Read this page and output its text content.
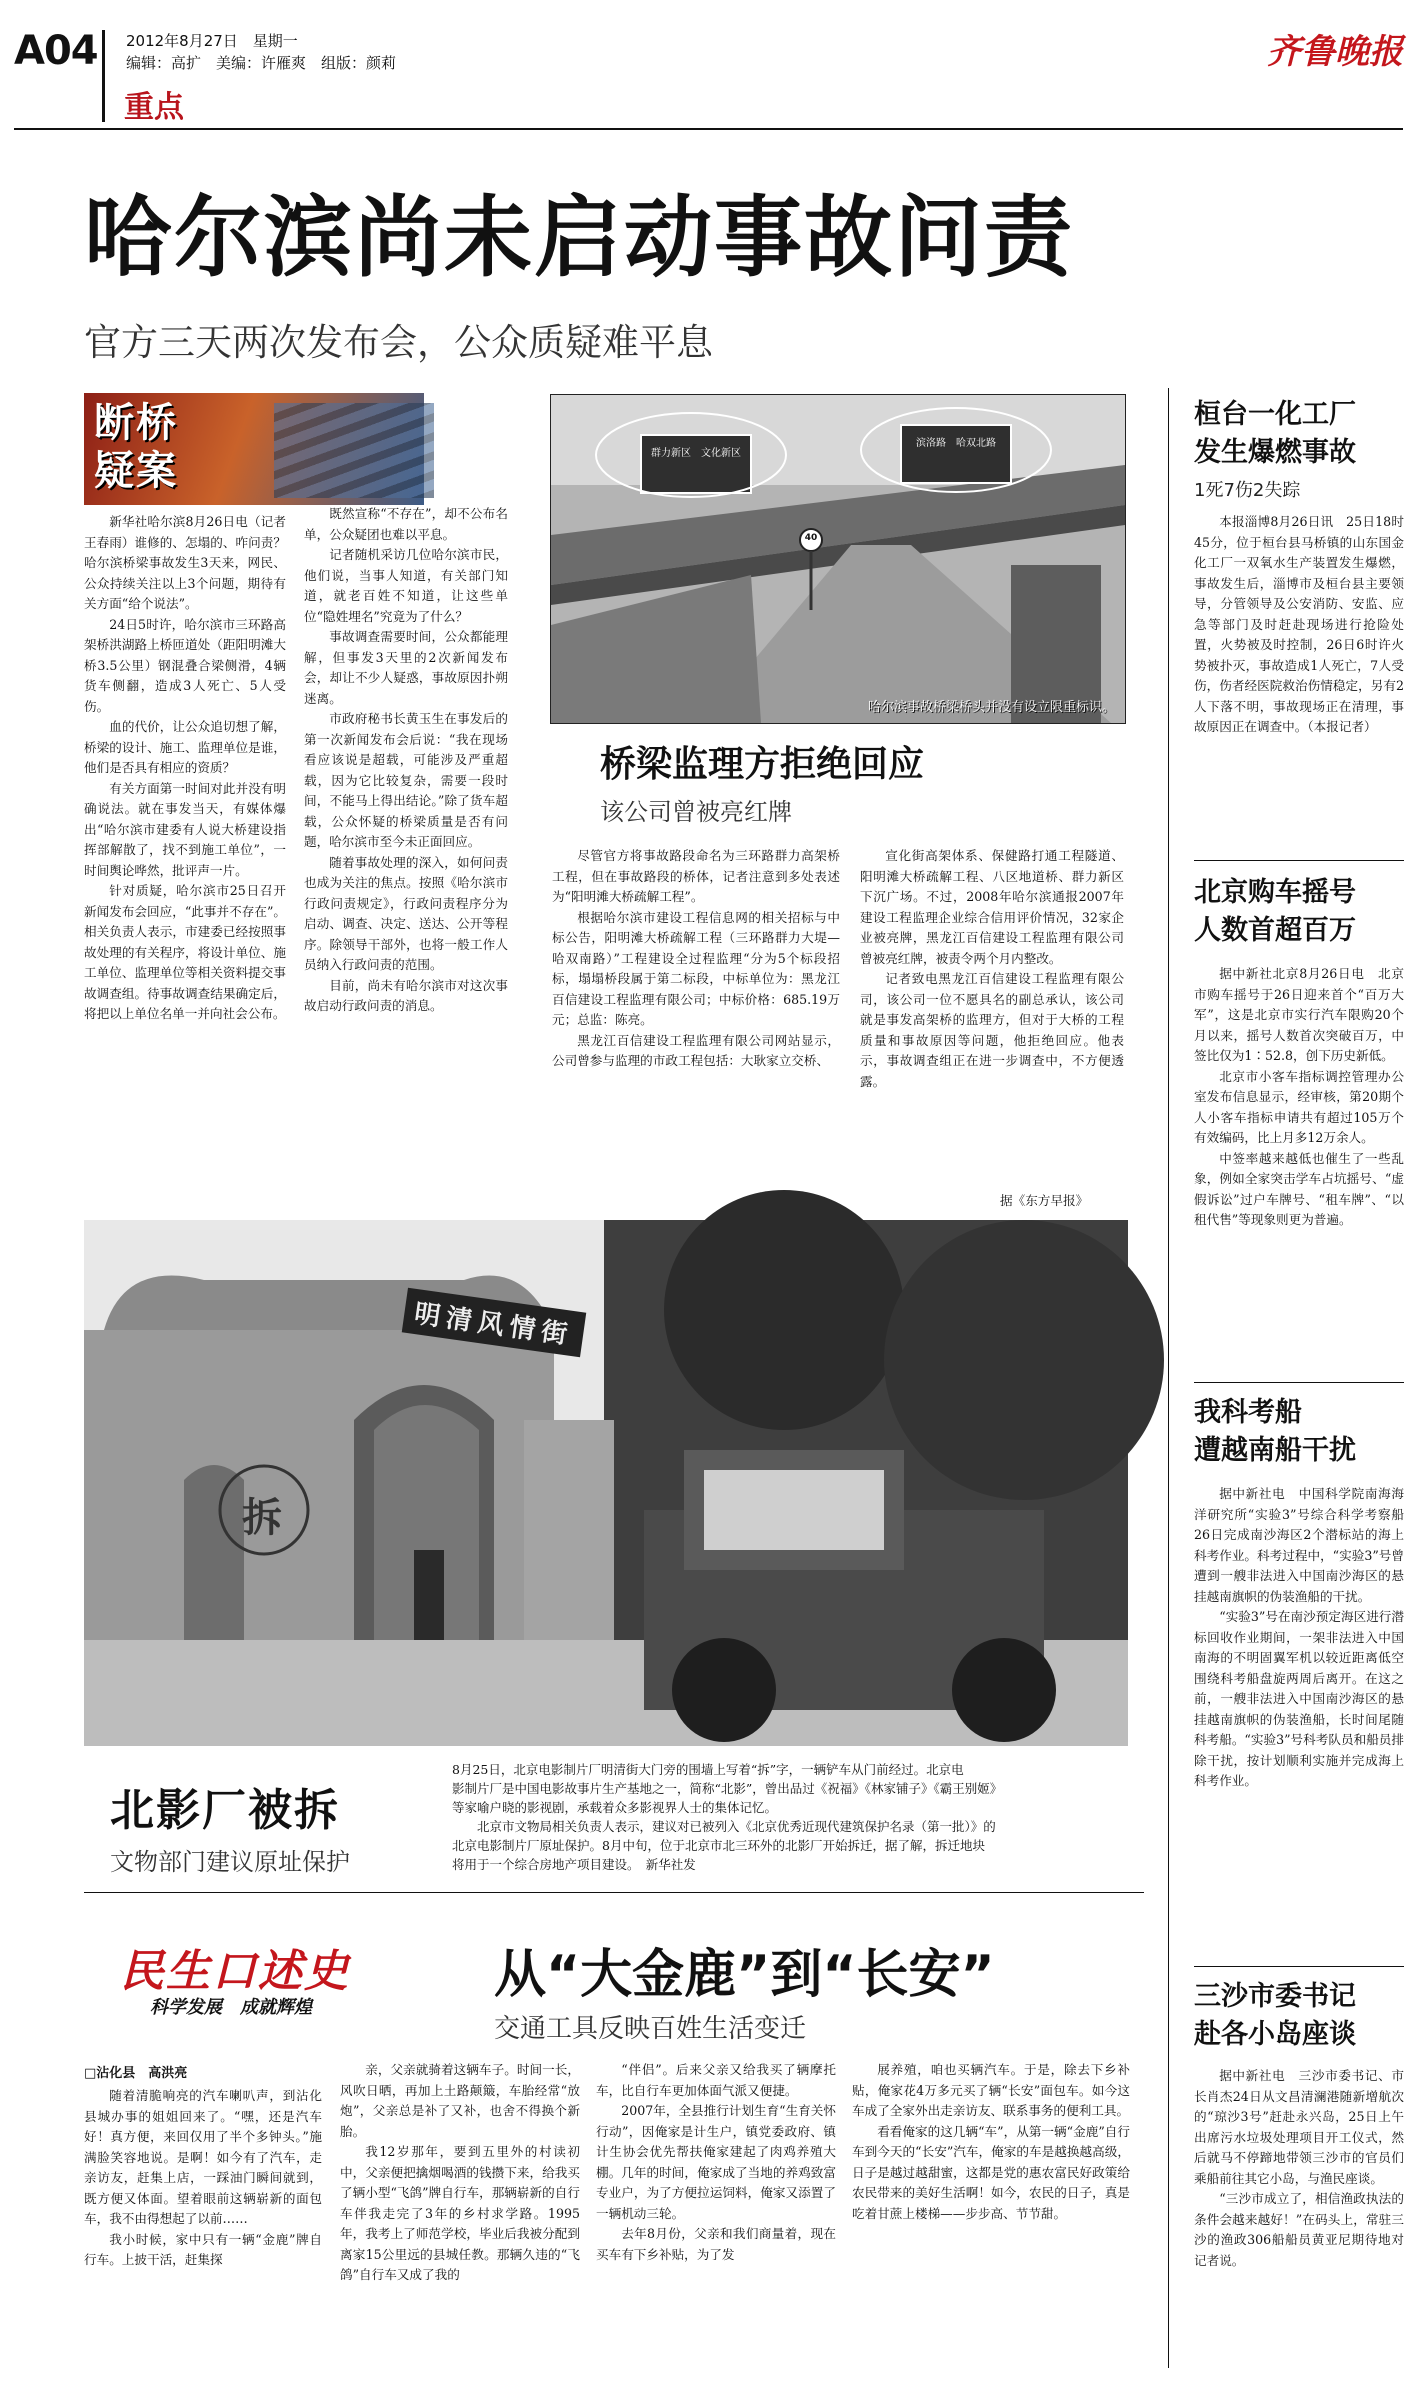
A04 2012年8月27日　星期一
编辑：高扩　美编：许雁爽　组版：颜莉
重点
齐鲁晚报
哈尔滨尚未启动事故问责
官方三天两次发布会，公众质疑难平息
断桥疑案

新华社哈尔滨8月26日电（记者　王春雨）谁修的、怎塌的、咋问责？哈尔滨桥梁事故发生3天来，网民、公众持续关注以上3个问题，期待有关方面“给个说法”。

24日5时许，哈尔滨市三环路高架桥洪湖路上桥匝道处（距阳明滩大桥3.5公里）钢混叠合梁侧滑，4辆货车侧翻，造成3人死亡、5人受伤。

血的代价，让公众追切想了解，桥梁的设计、施工、监理单位是谁，他们是否具有相应的资质？

有关方面第一时间对此并没有明确说法。就在事发当天，有媒体爆出“哈尔滨市建委有人说大桥建设指挥部解散了，找不到施工单位”，一时间舆论哗然，批评声一片。

针对质疑，哈尔滨市25日召开新闻发布会回应，“此事并不存在”。相关负责人表示，市建委已经按照事故处理的有关程序，将设计单位、施工单位、监理单位等相关资料提交事故调查组。待事故调查结果确定后，将把以上单位名单一并向社会公布。

既然宣称“不存在”，却不公布名单，公众疑团也难以平息。

记者随机采访几位哈尔滨市民，他们说，当事人知道，有关部门知道，就老百姓不知道，让这些单位“隐姓埋名”究竟为了什么？

事故调查需要时间，公众都能理解，但事发3天里的2次新闻发布会，却让不少人疑惑，事故原因扑朔迷离。

市政府秘书长黄玉生在事发后的第一次新闻发布会后说：“我在现场看应该说是超载，可能涉及严重超载，因为它比较复杂，需要一段时间，不能马上得出结论。”除了货车超载，公众怀疑的桥梁质量是否有问题，哈尔滨市至今未正面回应。

随着事故处理的深入，如何问责也成为关注的焦点。按照《哈尔滨市行政问责规定》，行政问责程序分为启动、调查、决定、送达、公开等程序。除领导干部外，也将一般工作人员纳入行政问责的范围。

目前，尚未有哈尔滨市对这次事故启动行政问责的消息。

群力新区　文化新区
滨洛路　哈双北路
40
哈尔滨事故桥梁桥头并没有设立限重标识。
桥梁监理方拒绝回应
该公司曾被亮红牌

尽管官方将事故路段命名为三环路群力高架桥工程，但在事故路段的桥体，记者注意到多处表述为“阳明滩大桥疏解工程”。

根据哈尔滨市建设工程信息网的相关招标与中标公告，阳明滩大桥疏解工程（三环路群力大堤—哈双南路）”工程建设全过程监理“分为5个标段招标，塌塌桥段属于第二标段，中标单位为：黑龙江百信建设工程监理有限公司；中标价格：685.19万元；总监：陈亮。

黑龙江百信建设工程监理有限公司网站显示，公司曾参与监理的市政工程包括：大耿家立交桥、

宣化街高架体系、保健路打通工程隧道、阳明滩大桥疏解工程、八区地道桥、群力新区下沉广场。不过，2008年哈尔滨通报2007年建设工程监理企业综合信用评价情况，32家企业被亮牌，黑龙江百信建设工程监理有限公司曾被亮红牌，被责令两个月内整改。

记者致电黑龙江百信建设工程监理有限公司，该公司一位不愿具名的副总承认，该公司就是事发高架桥的监理方，但对于大桥的工程质量和事故原因等问题，他拒绝回应。他表示，事故调查组正在进一步调查中，不方便透露。

据《东方早报》
明清风情街
拆
北影厂被拆
文物部门建议原址保护
8月25日，北京电影制片厂明清街大门旁的围墙上写着“拆”字，一辆铲车从门前经过。北京电
影制片厂是中国电影故事片生产基地之一，简称“北影”，曾出品过《祝福》《林家铺子》《霸王别姬》
等家喻户晓的影视剧，承载着众多影视界人士的集体记忆。
北京市文物局相关负责人表示，建议对已被列入《北京优秀近现代建筑保护名录（第一批）》的
北京电影制片厂原址保护。8月中旬，位于北京市北三环外的北影厂开始拆迁，据了解，拆迁地块
将用于一个综合房地产项目建设。　新华社发
民生口述史
科学发展　成就辉煌
从“大金鹿”到“长安”
交通工具反映百姓生活变迁
□沾化县　高洪亮

随着清脆响亮的汽车喇叭声，到沾化县城办事的姐姐回来了。“嘿，还是汽车好！真方便，来回仅用了半个多钟头。”施满脸笑容地说。是啊！如今有了汽车，走亲访友，赶集上店，一踩油门瞬间就到，既方便又体面。望着眼前这辆崭新的面包车，我不由得想起了以前……

我小时候，家中只有一辆“金鹿”牌自行车。上披干活，赶集探

亲，父亲就骑着这辆车子。时间一长，风吹日晒，再加上土路颠簸，车胎经常“放炮”，父亲总是补了又补，也舍不得换个新胎。

我12岁那年，要到五里外的村读初中，父亲便把擒烟喝酒的钱攒下来，给我买了辆小型“飞鸽”牌自行车，那辆崭新的自行车伴我走完了3年的乡村求学路。1995年，我考上了师范学校，毕业后我被分配到离家15公里远的县城任教。那辆久违的“飞鸽”自行车又成了我的

“伴侣”。后来父亲又给我买了辆摩托车，比自行车更加体面气派又便捷。

2007年，全县推行计划生育“生育关怀行动”，因俺家是计生户，镇党委政府、镇计生协会优先帮扶俺家建起了肉鸡养殖大棚。几年的时间，俺家成了当地的养鸡致富专业户，为了方便拉运饲料，俺家又添置了一辆机动三轮。

去年8月份，父亲和我们商量着，现在买车有下乡补贴，为了发

展养殖，咱也买辆汽车。于是，除去下乡补贴，俺家花4万多元买了辆“长安”面包车。如今这车成了全家外出走亲访友、联系事务的便利工具。

看看俺家的这几辆“车”，从第一辆“金鹿”自行车到今天的“长安”汽车，俺家的车是越换越高级，日子是越过越甜蜜，这都是党的惠农富民好政策给农民带来的美好生活啊！如今，农民的日子，真是吃着甘蔗上楼梯——步步高、节节甜。

桓台一化工厂
发生爆燃事故
1死7伤2失踪

本报淄博8月26日讯　25日18时45分，位于桓台县马桥镇的山东国金化工厂一双氧水生产装置发生爆燃，事故发生后，淄博市及桓台县主要领导，分管领导及公安消防、安监、应急等部门及时赶赴现场进行抢险处置，火势被及时控制，26日6时许火势被扑灭，事故造成1人死亡，7人受伤，伤者经医院救治伤情稳定，另有2人下落不明，事故现场正在清理，事故原因正在调查中。（本报记者）

北京购车摇号
人数首超百万

据中新社北京8月26日电　北京市购车摇号于26日迎来首个“百万大军”，这是北京市实行汽车限购20个月以来，摇号人数首次突破百万，中签比仅为1∶52.8，创下历史新低。

北京市小客车指标调控管理办公室发布信息显示，经审核，第20期个人小客车指标申请共有超过105万个有效编码，比上月多12万余人。

中签率越来越低也催生了一些乱象，例如全家突击学车占坑摇号、“虚假诉讼”过户车牌号、“租车牌”、“以租代售”等现象则更为普遍。

我科考船
遭越南船干扰

据中新社电　中国科学院南海海洋研究所“实验3”号综合科学考察船26日完成南沙海区2个潜标站的海上科考作业。科考过程中，“实验3”号曾遭到一艘非法进入中国南沙海区的悬挂越南旗帜的伪装渔船的干扰。

“实验3”号在南沙预定海区进行潜标回收作业期间，一架非法进入中国南海的不明固翼军机以较近距离低空围绕科考船盘旋两周后离开。在这之前，一艘非法进入中国南沙海区的悬挂越南旗帜的伪装渔船，长时间尾随科考船。“实验3”号科考队员和船员排除干扰，按计划顺利实施并完成海上科考作业。

三沙市委书记
赴各小岛座谈

据中新社电　三沙市委书记、市长肖杰24日从文昌清澜港随新增航次的“琼沙3号”赶赴永兴岛，25日上午出席污水垃圾处理项目开工仪式，然后就马不停蹄地带领三沙市的官员们乘船前往其它小岛，与渔民座谈。

“三沙市成立了，相信渔政执法的条件会越来越好！”在码头上，常驻三沙的渔政306船船员黄亚尼期待地对记者说。
